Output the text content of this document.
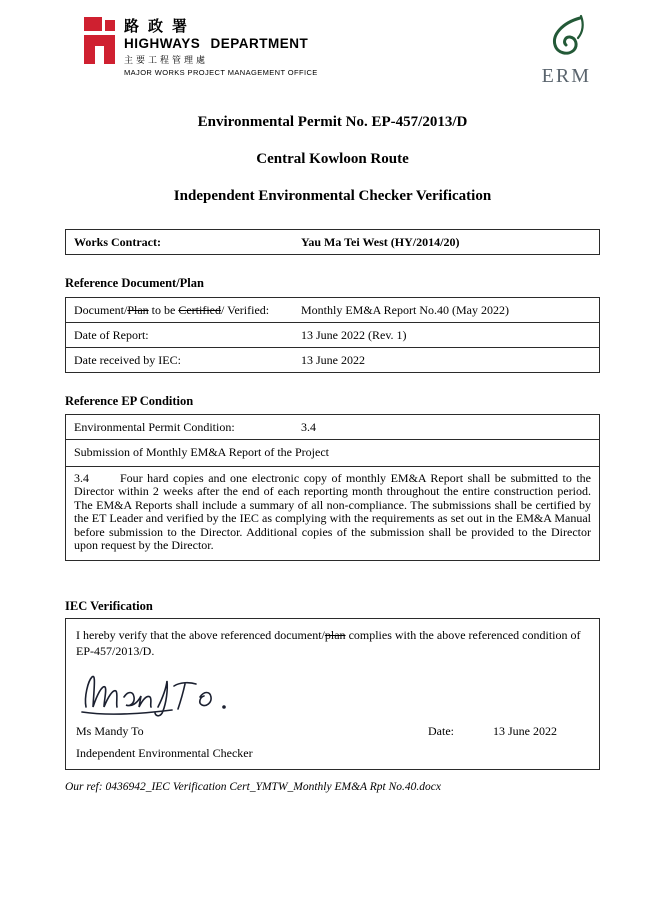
路政署
HIGHWAYS DEPARTMENT
主要工程管理處
MAJOR WORKS PROJECT MANAGEMENT OFFICE	ERM
Environmental Permit No. EP-457/2013/D
Central Kowloon Route
Independent Environmental Checker Verification
Works Contract:	Yau Ma Tei West (HY/2014/20)
Reference Document/Plan
Document/Plan to be Certified/ Verified:	Monthly EM&A Report No.40 (May 2022)
Date of Report:	13 June 2022 (Rev. 1)
Date received by IEC:	13 June 2022
Reference EP Condition
Environmental Permit Condition:	3.4
Submission of Monthly EM&A Report of the Project
3.4	Four hard copies and one electronic copy of monthly EM&A Report shall be submitted to the Director within 2 weeks after the end of each reporting month throughout the entire construction period. The EM&A Reports shall include a summary of all non-compliance. The submissions shall be certified by the ET Leader and verified by the IEC as complying with the requirements as set out in the EM&A Manual before submission to the Director. Additional copies of the submission shall be provided to the Director upon request by the Director.
IEC Verification
I hereby verify that the above referenced document/plan complies with the above referenced condition of EP-457/2013/D.
Ms Mandy To	Date:	13 June 2022
Independent Environmental Checker
Our ref: 0436942_IEC Verification Cert_YMTW_Monthly EM&A Rpt No.40.docx
